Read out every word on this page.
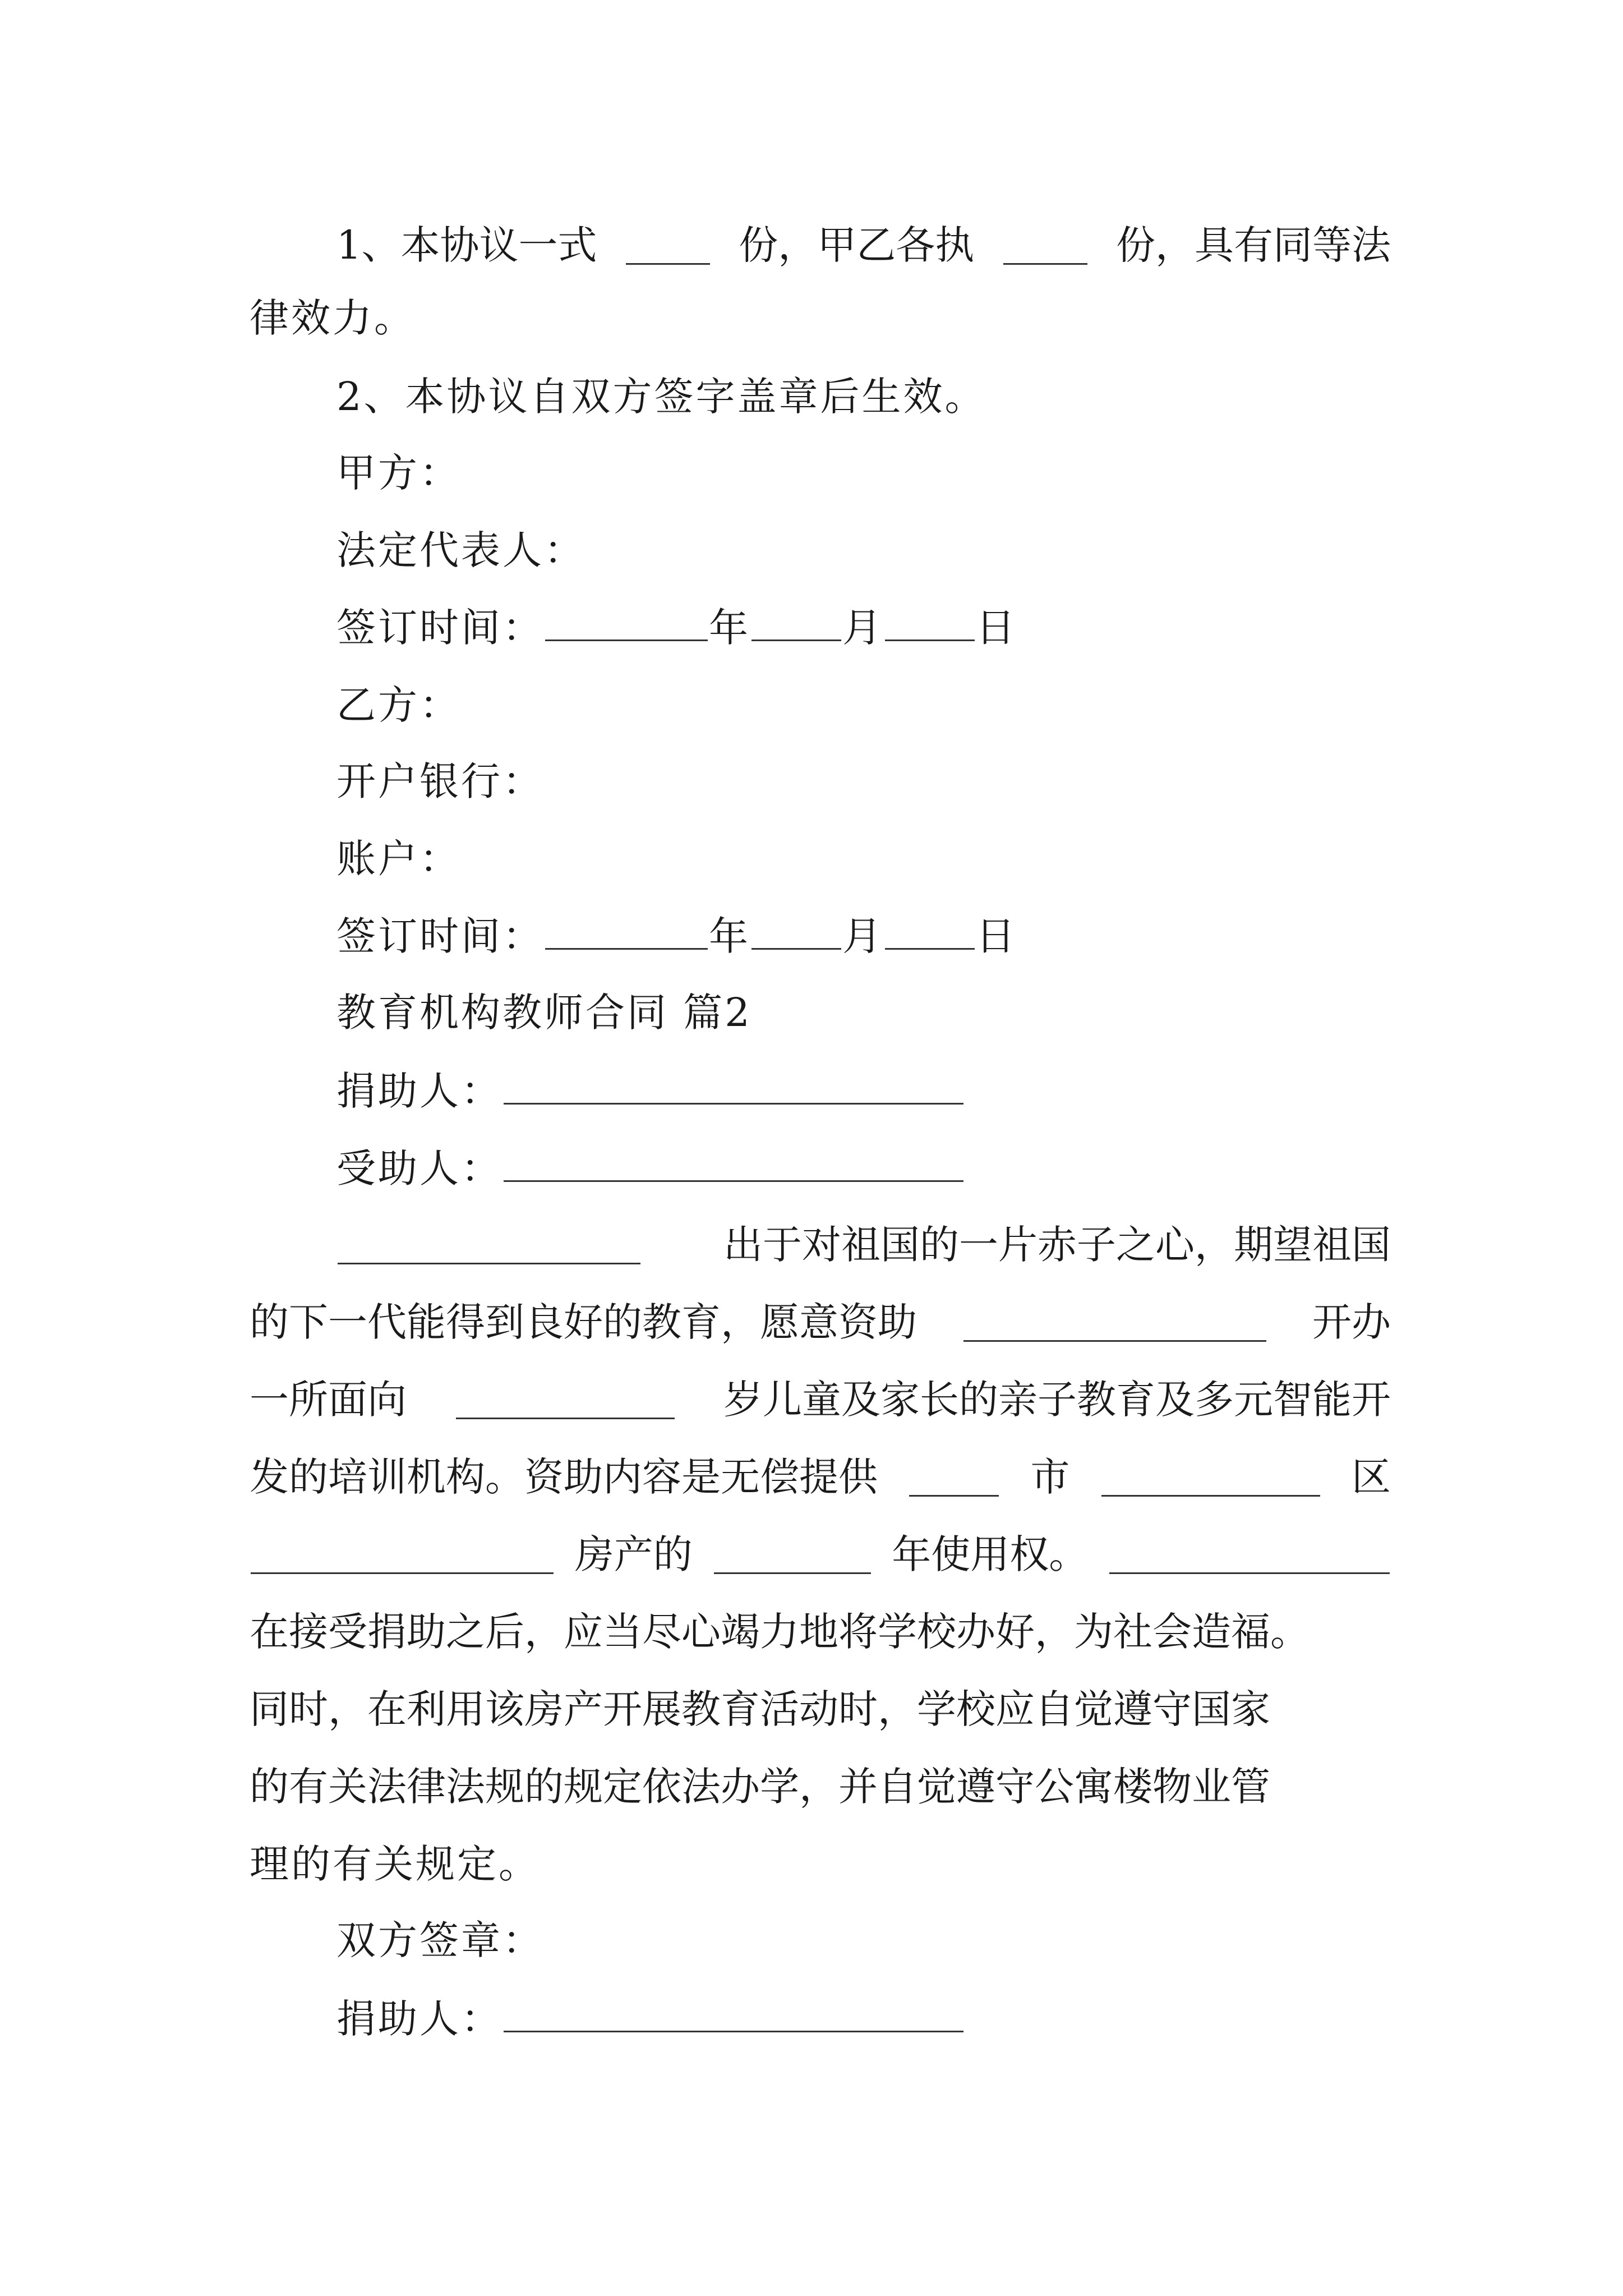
1、本协议一式	份，甲乙各执	份，具有同等法
律效力。
2、本协议自双方签字盖章后生效。
甲方：
法定代表人：
签订时间：	年 月 日
乙方：
开户银行：
账户：
签订时间：	年 月 日
教育机构教师合同 篇2
捐助人：
受助人：
出于对祖国的一片赤子之心，期望祖国
的下一代能得到良好的教育，愿意资助	开办
一所面向	岁儿童及家长的亲子教育及多元智能开
发的培训机构。资助内容是无偿提供	市	区
房产的	年使用权。
在接受捐助之后，应当尽心竭力地将学校办好，为社会造福。
同时，在利用该房产开展教育活动时，学校应自觉遵守国家
的有关法律法规的规定依法办学，并自觉遵守公寓楼物业管
理的有关规定。
双方签章：
捐助人：
